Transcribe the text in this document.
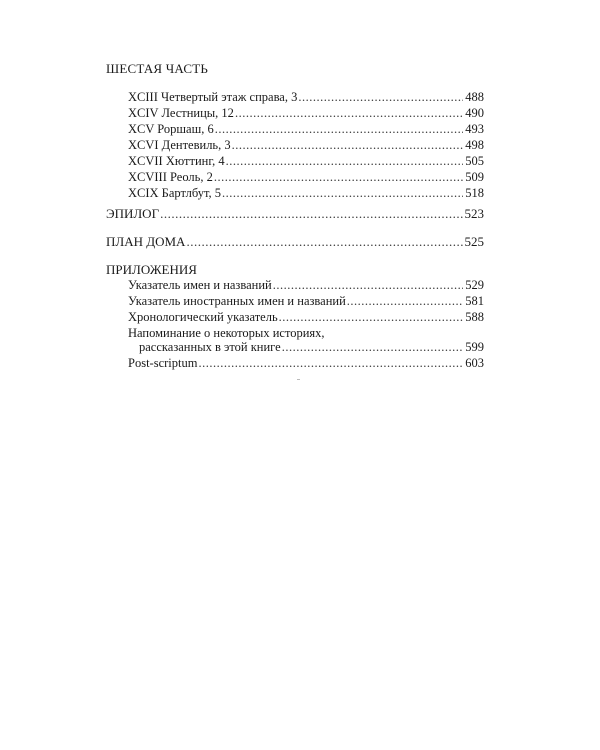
ШЕСТАЯ ЧАСТЬ
XCIII Четвертый этаж справа, 3 .....	488
XCIV Лестницы, 12 .....	490
XCV Роршаш, 6 .....	493
XCVI Дентевиль, 3 .....	498
XCVII Хюттинг, 4 .....	505
XCVIII Реоль, 2 .....	509
XCIX Бартлбут, 5 .....	518
ЭПИЛОГ .....	523
ПЛАН ДОМА .....	525
ПРИЛОЖЕНИЯ
Указатель имен и названий .....	529
Указатель иностранных имен и названий .....	581
Хронологический указатель .....	588
Напоминание о некоторых историях,
рассказанных в этой книге .....	599
Post-scriptum .....	603
